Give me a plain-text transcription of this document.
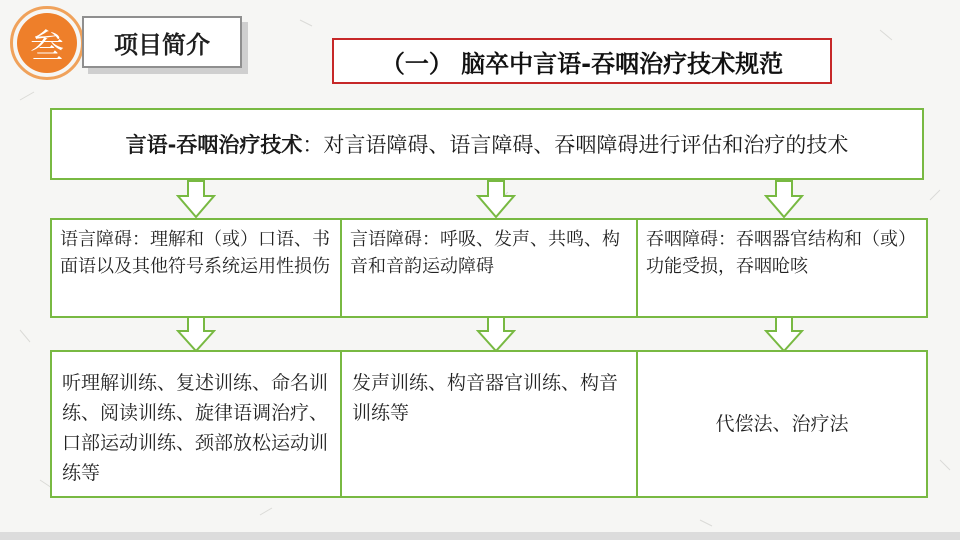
叁	项目简介
（一） 脑卒中言语-吞咽治疗技术规范
言语-吞咽治疗技术 ：对言语障碍、语言障碍、吞咽障碍进行评估和治疗的技术
语言障碍：理解和（或）口语、书面语以及其他符号系统运用性损伤
言语障碍：呼吸、发声、共鸣、构音和音韵运动障碍
吞咽障碍：吞咽器官结构和（或）功能受损，吞咽呛咳
听理解训练、复述训练、命名训练、阅读训练、旋律语调治疗、口部运动训练、颈部放松运动训练等
发声训练、构音器官训练、构音训练等	代偿法、治疗法
